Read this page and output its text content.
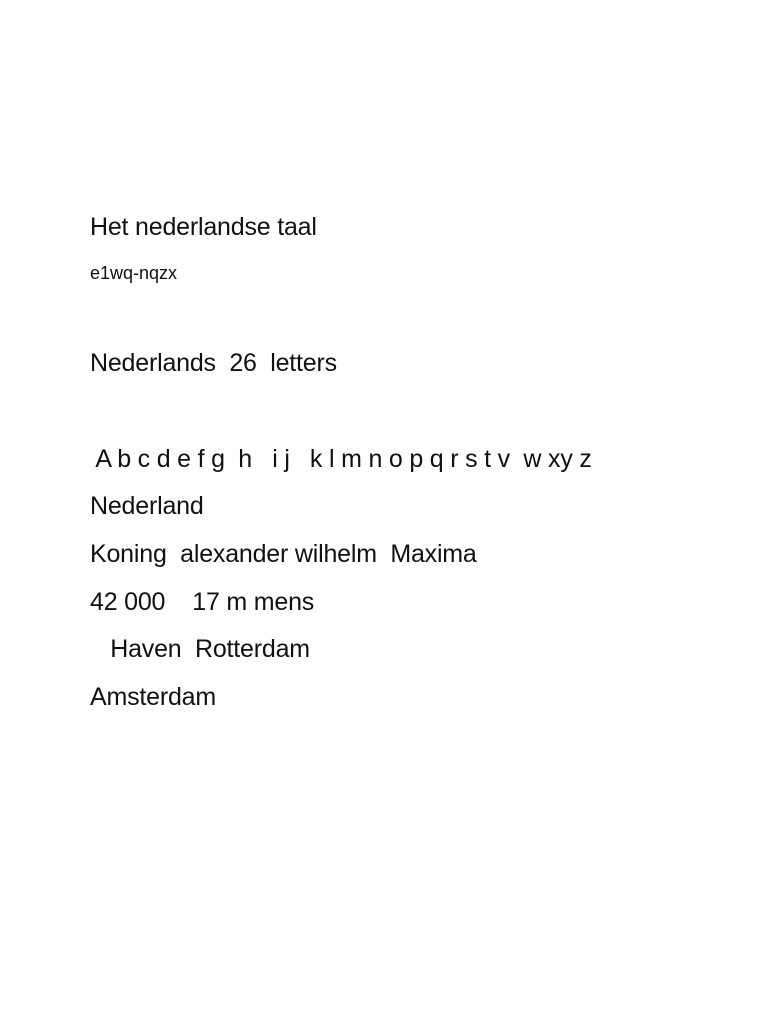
Het nederlandse taal
e1wq-nqzx
Nederlands  26  letters
A b c d e f g  h   i j   k l m n o p q r s t v  w xy z
Nederland
Koning  alexander wilhelm  Maxima
42 000    17 m mens
Haven  Rotterdam
Amsterdam
